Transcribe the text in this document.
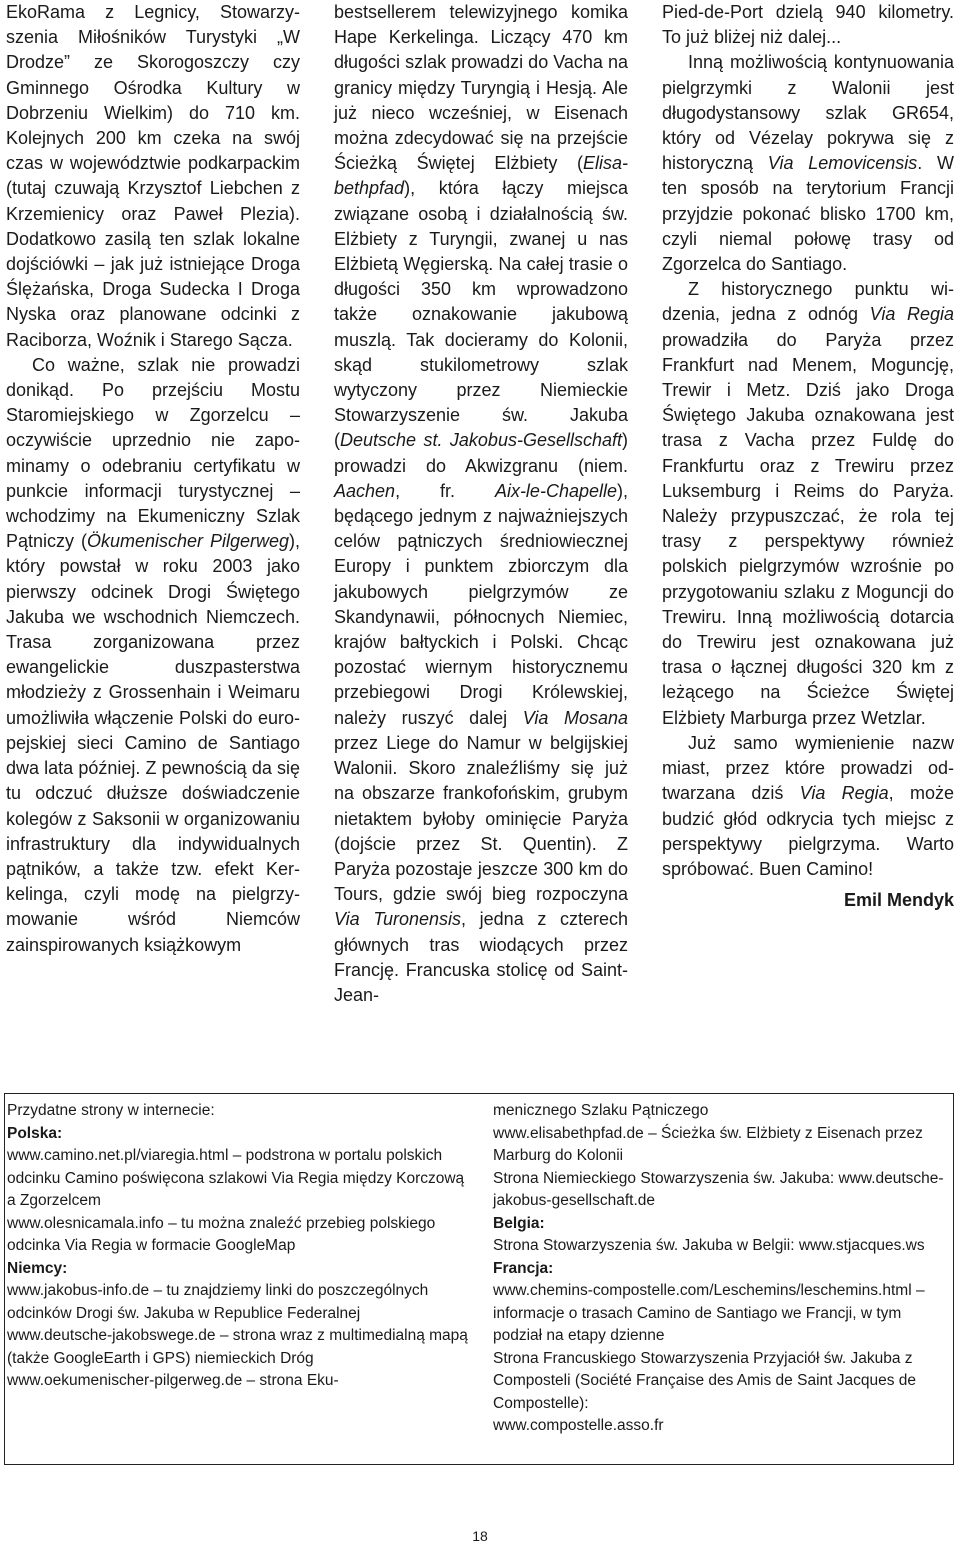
EkoRama z Legnicy, Stowarzyszenia Miłośników Turystyki „W Drodze” ze Skorogoszczy czy Gminnego Ośrodka Kultury w Dobrzeniu Wielkim) do 710 km. Kolejnych 200 km czeka na swój czas w województwie podkarpackim (tutaj czuwają Krzysztof Liebchen z Krzemienicy oraz Paweł Plezia). Dodatkowo zasilą ten szlak lokalne dojściówki – jak już istniejące Droga Ślężańska, Droga Sudecka I Droga Nyska oraz planowane odcinki z Raciborza, Woźnik i Starego Sącza.

Co ważne, szlak nie prowadzi donikąd. Po przejściu Mostu Staromiejskiego w Zgorzelcu – oczywiście uprzednio nie zapominamy o odebraniu certyfikatu w punkcie informacji turystycznej – wchodzimy na Ekumeniczny Szlak Pątniczy (Ökumenischer Pilgerweg), który powstał w roku 2003 jako pierwszy odcinek Drogi Świętego Jakuba we wschodnich Niemczech. Trasa zorganizowana przez ewangelickie duszpasterstwa młodzieży z Grossenhain i Weimaru umożliwiła włączenie Polski do europejskiej sieci Camino de Santiago dwa lata później. Z pewnością da się tu odczuć dłuższe doświadczenie kolegów z Saksonii w organizowaniu infrastruktury dla indywidualnych pątników, a także tzw. efekt Kerkelinga, czyli modę na pielgrzymowanie wśród Niemców zainspirowanych książkowym

bestsellerem telewizyjnego komika Hape Kerkelinga. Liczący 470 km długości szlak prowadzi do Vacha na granicy między Turyngią i Hesją. Ale już nieco wcześniej, w Eisenach można zdecydować się na przejście Ścieżką Świętej Elżbiety (Elisabethpfad), która łączy miejsca związane osobą i działalnością św. Elżbiety z Turyngii, zwanej u nas Elżbietą Węgierską. Na całej trasie o długości 350 km wprowadzono także oznakowanie jakubową muszlą. Tak docieramy do Kolonii, skąd stukilometrowy szlak wytyczony przez Niemieckie Stowarzyszenie św. Jakuba (Deutsche st. Jakobus-Gesellschaft) prowadzi do Akwizgranu (niem. Aachen, fr. Aix-le-Chapelle), będącego jednym z najważniejszych celów pątniczych średniowiecznej Europy i punktem zbiorczym dla jakubowych pielgrzymów ze Skandynawii, północnych Niemiec, krajów bałtyckich i Polski. Chcąc pozostać wiernym historycznemu przebiegowi Drogi Królewskiej, należy ruszyć dalej Via Mosana przez Liege do Namur w belgijskiej Walonii. Skoro znaleźliśmy się już na obszarze frankofońskim, grubym nietaktem byłoby ominięcie Paryża (dojście przez St. Quentin). Z Paryża pozostaje jeszcze 300 km do Tours, gdzie swój bieg rozpoczyna Via Turonensis, jedna z czterech głównych tras wiodących przez Francję. Francuska stolicę od Saint-Jean-

Pied-de-Port dzielą 940 kilometry. To już bliżej niż dalej...

Inną możliwością kontynuowania pielgrzymki z Walonii jest długodystansowy szlak GR654, który od Vézelay pokrywa się z historyczną Via Lemovicensis. W ten sposób na terytorium Francji przyjdzie pokonać blisko 1700 km, czyli niemal połowę trasy od Zgorzelca do Santiago.

Z historycznego punktu widzenia, jedna z odnóg Via Regia prowadziła do Paryża przez Frankfurt nad Menem, Moguncję, Trewir i Metz. Dziś jako Droga Świętego Jakuba oznakowana jest trasa z Vacha przez Fuldę do Frankfurtu oraz z Trewiru przez Luksemburg i Reims do Paryża. Należy przypuszczać, że rola tej trasy z perspektywy również polskich pielgrzymów wzrośnie po przygotowaniu szlaku z Moguncji do Trewiru. Inną możliwością dotarcia do Trewiru jest oznakowana już trasa o łącznej długości 320 km z leżącego na Ścieżce Świętej Elżbiety Marburga przez Wetzlar.

Już samo wymienienie nazw miast, przez które prowadzi odtwarzana dziś Via Regia, może budzić głód odkrycia tych miejsc z perspektywy pielgrzyma. Warto spróbować. Buen Camino!

Emil Mendyk

Przydatne strony w internecie:

Polska:

www.camino.net.pl/viaregia.html – podstrona w portalu polskich odcinku Camino poświęcona szlakowi Via Regia między Korczową a Zgorzelcem

www.olesnicamala.info – tu można znaleźć przebieg polskiego odcinka Via Regia w formacie GoogleMap

Niemcy:

www.jakobus-info.de – tu znajdziemy linki do poszczególnych odcinków Drogi św. Jakuba w Republice Federalnej

www.deutsche-jakobswege.de – strona wraz z multimedialną mapą (także GoogleEarth i GPS) niemieckich Dróg

www.oekumenischer-pilgerweg.de – strona Eku-

menicznego Szlaku Pątniczego

www.elisabethpfad.de – Ścieżka św. Elżbiety z Eisenach przez Marburg do Kolonii

Strona Niemieckiego Stowarzyszenia św. Jakuba: www.deutsche-jakobus-gesellschaft.de

Belgia:

Strona Stowarzyszenia św. Jakuba w Belgii: www.stjacques.ws

Francja:

www.chemins-compostelle.com/Leschemins/leschemins.html – informacje o trasach Camino de Santiago we Francji, w tym podział na etapy dzienne

Strona Francuskiego Stowarzyszenia Przyjaciół św. Jakuba z Composteli (Société Française des Amis de Saint Jacques de Compostelle):

www.compostelle.asso.fr

18
